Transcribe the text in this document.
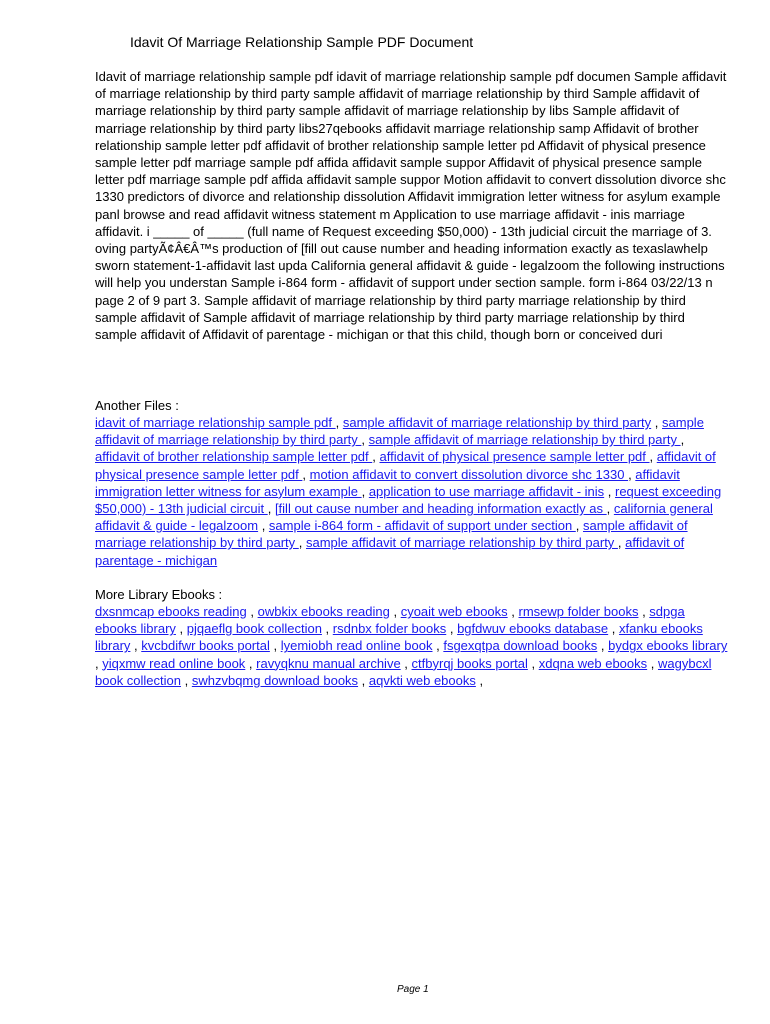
Idavit Of Marriage Relationship Sample PDF Document
Idavit of marriage relationship sample pdf idavit of marriage relationship sample pdf documen Sample affidavit of marriage relationship by third party sample affidavit of marriage relationship by third Sample affidavit of marriage relationship by third party sample affidavit of marriage relationship by libs Sample affidavit of marriage relationship by third party libs27qebooks affidavit marriage relationship samp Affidavit of brother relationship sample letter pdf affidavit of brother relationship sample letter pd Affidavit of physical presence sample letter pdf marriage sample pdf affida affidavit sample suppor Affidavit of physical presence sample letter pdf marriage sample pdf affida affidavit sample suppor Motion affidavit to convert dissolution divorce shc 1330 predictors of divorce and relationship dissolution Affidavit immigration letter witness for asylum example panl browse and read affidavit witness statement m Application to use marriage affidavit - inis marriage affidavit. i _____ of _____ (full name of Request exceeding $50,000) - 13th judicial circuit the marriage of 3. oving partyÃ¢Â€Â™s production of [fill out cause number and heading information exactly as texaslawhelp sworn statement-1-affidavit last upda California general affidavit & guide - legalzoom the following instructions will help you understan Sample i-864 form - affidavit of support under section sample. form i-864 03/22/13 n page 2 of 9 part 3. Sample affidavit of marriage relationship by third party marriage relationship by third sample affidavit of Sample affidavit of marriage relationship by third party marriage relationship by third sample affidavit of Affidavit of parentage - michigan or that this child, though born or conceived duri
Another Files :
idavit of marriage relationship sample pdf , sample affidavit of marriage relationship by third party , sample affidavit of marriage relationship by third party , sample affidavit of marriage relationship by third party , affidavit of brother relationship sample letter pdf , affidavit of physical presence sample letter pdf , affidavit of physical presence sample letter pdf , motion affidavit to convert dissolution divorce shc 1330 , affidavit immigration letter witness for asylum example , application to use marriage affidavit - inis , request exceeding $50,000) - 13th judicial circuit , [fill out cause number and heading information exactly as , california general affidavit & guide - legalzoom , sample i-864 form - affidavit of support under section , sample affidavit of marriage relationship by third party , sample affidavit of marriage relationship by third party , affidavit of parentage - michigan
More Library Ebooks :
dxsnmcap ebooks reading , owbkix ebooks reading , cyoait web ebooks , rmsewp folder books , sdpga ebooks library , pjqaeflg book collection , rsdnbx folder books , bgfdwuv ebooks database , xfanku ebooks library , kvcbdifwr books portal , lyemiobh read online book , fsgexqtpa download books , bydgx ebooks library , yiqxmw read online book , ravyqknu manual archive , ctfbyrqj books portal , xdqna web ebooks , wagybcxl book collection , swhzvbqmg download books , aqvkti web ebooks ,
Page 1
